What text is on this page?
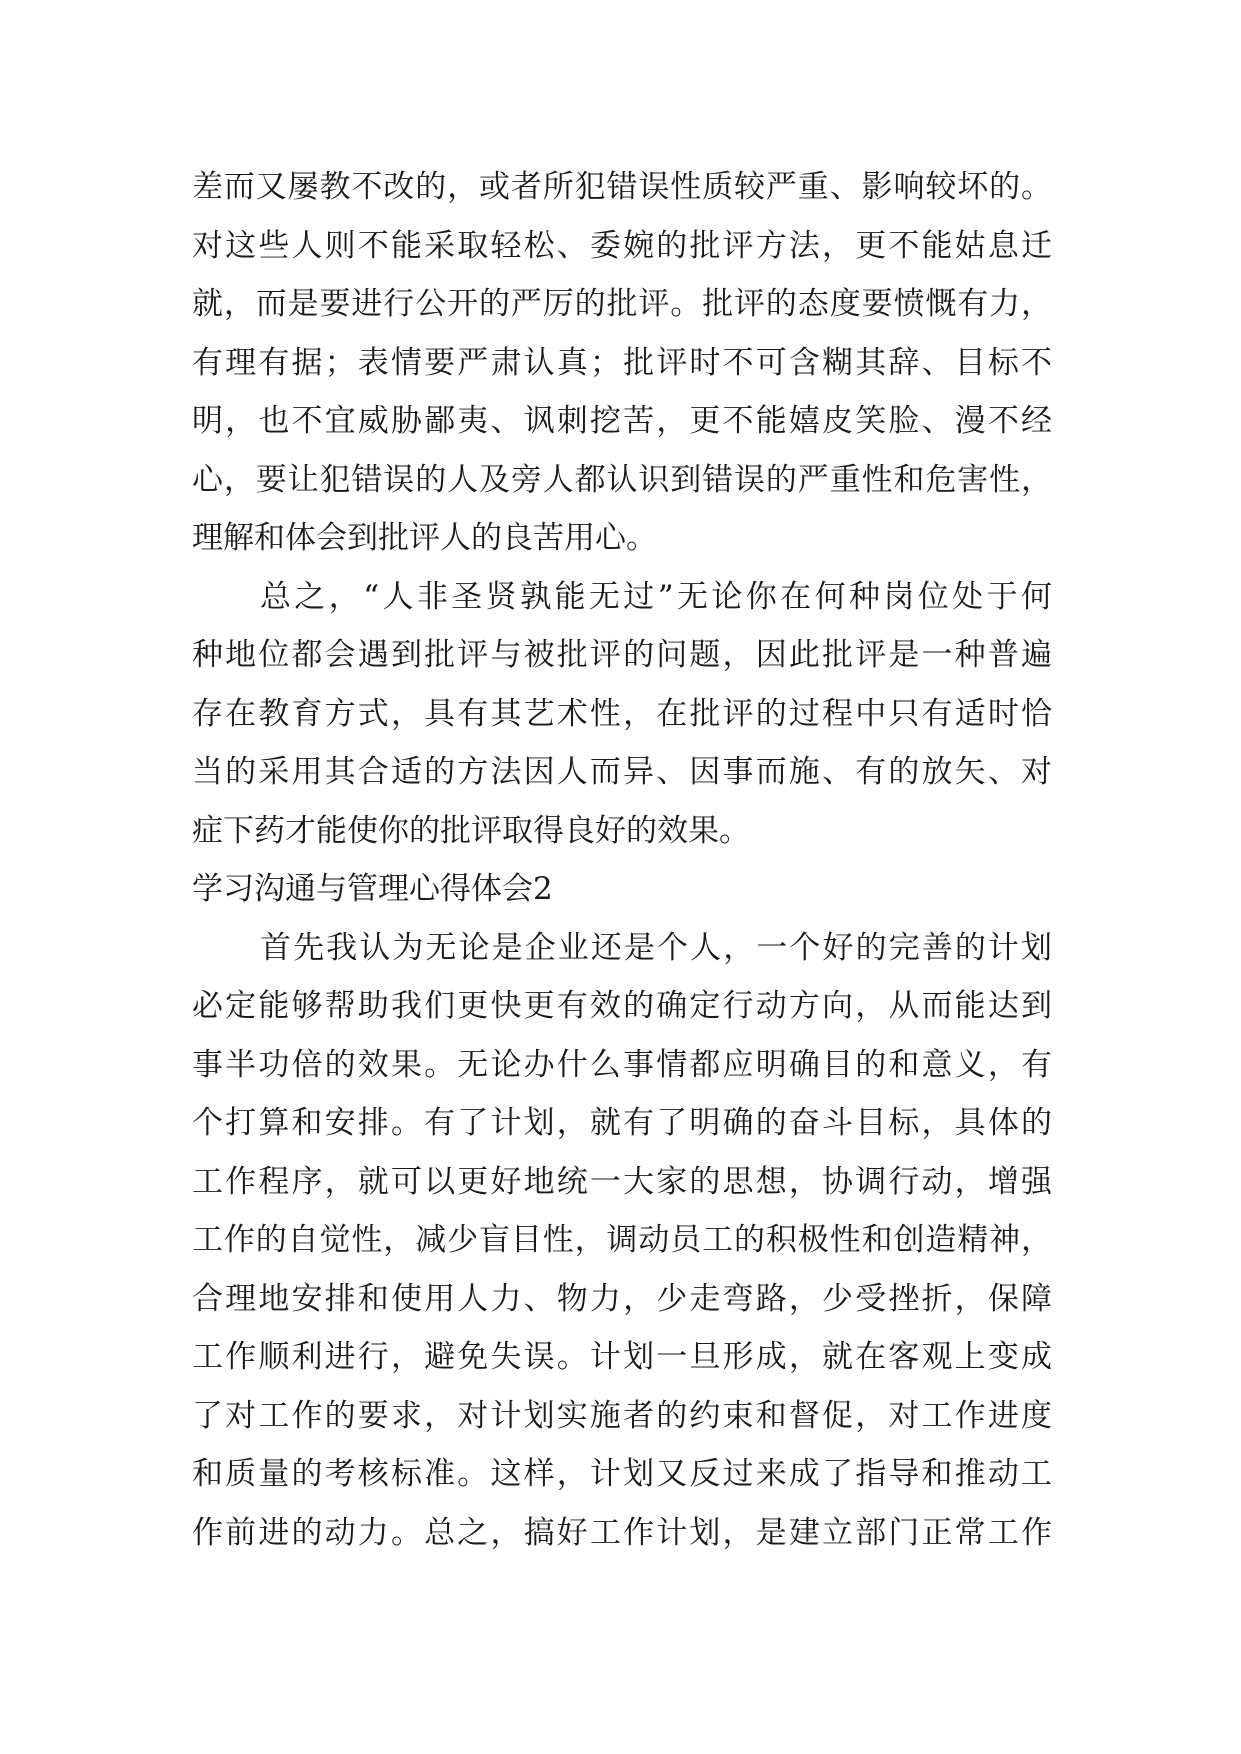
差而又屡教不改的，或者所犯错误性质较严重、影响较坏的。
对这些人则不能采取轻松、委婉的批评方法，更不能姑息迁
就，而是要进行公开的严厉的批评。批评的态度要愤慨有力，
有理有据；表情要严肃认真；批评时不可含糊其辞、目标不
明，也不宜威胁鄙夷、讽刺挖苦，更不能嬉皮笑脸、漫不经
心，要让犯错误的人及旁人都认识到错误的严重性和危害性，
理解和体会到批评人的良苦用心。
总之，“人非圣贤孰能无过”无论你在何种岗位处于何
种地位都会遇到批评与被批评的问题，因此批评是一种普遍
存在教育方式，具有其艺术性，在批评的过程中只有适时恰
当的采用其合适的方法因人而异、因事而施、有的放矢、对
症下药才能使你的批评取得良好的效果。
学习沟通与管理心得体会2
首先我认为无论是企业还是个人，一个好的完善的计划
必定能够帮助我们更快更有效的确定行动方向，从而能达到
事半功倍的效果。无论办什么事情都应明确目的和意义，有
个打算和安排。有了计划，就有了明确的奋斗目标，具体的
工作程序，就可以更好地统一大家的思想，协调行动，增强
工作的自觉性，减少盲目性，调动员工的积极性和创造精神，
合理地安排和使用人力、物力，少走弯路，少受挫折，保障
工作顺利进行，避免失误。计划一旦形成，就在客观上变成
了对工作的要求，对计划实施者的约束和督促，对工作进度
和质量的考核标准。这样，计划又反过来成了指导和推动工
作前进的动力。总之，搞好工作计划，是建立部门正常工作
